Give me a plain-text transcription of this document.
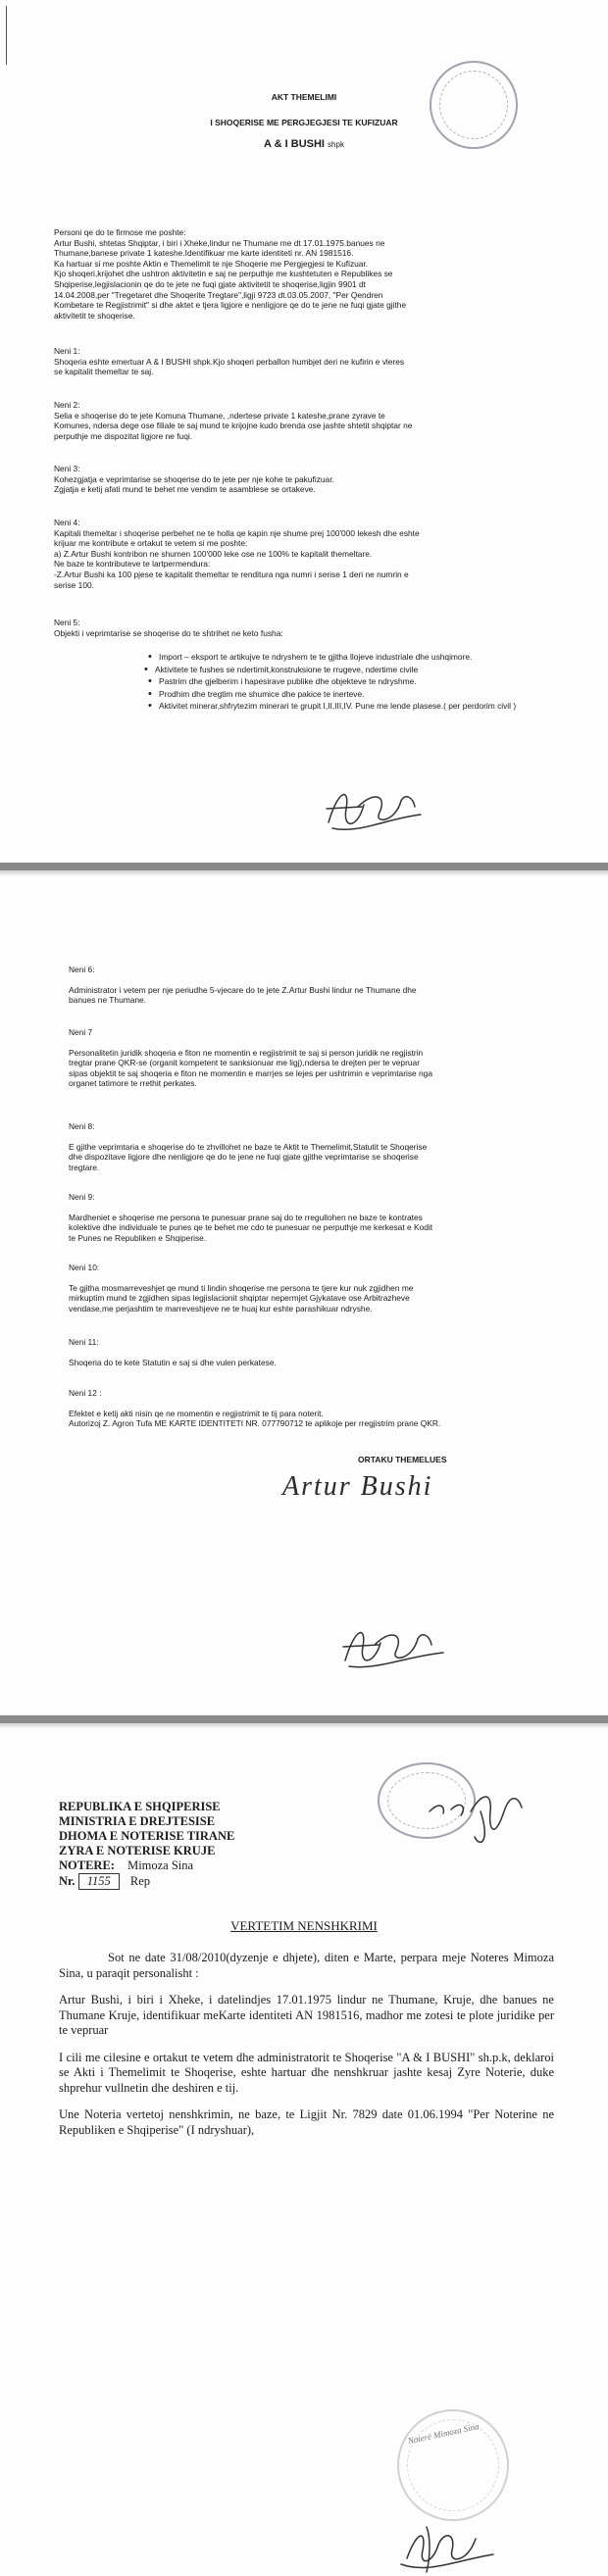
AKT THEMELIMI
I SHOQERISE ME PERGJEGJESI TE KUFIZUAR
A & I BUSHI shpk
Personi qe do te firmose me poshte:
Artur Bushi, shtetas Shqiptar, i biri i Xheke,lindur ne Thumane me dt 17.01.1975.banues ne
Thumane,banese private 1 kateshe.Identifikuar me karte identiteti nr. AN 1981516.
Ka hartuar si me poshte Aktin e Themelimit te nje Shoqerie me Pergjegjesi te Kufizuar.
Kjo shoqeri,krijohet dhe ushtron aktivitetin e saj ne perputhje me kushtetuten e Republikes se
Shqiperise,legjislacionin qe do te jete ne fuqi gjate aktivitetit te shoqerise,ligjin 9901 dt
14.04.2008,per "Tregetaret dhe Shoqerite Tregtare",ligji 9723 dt.03.05.2007, "Per Qendren
Kombetare te Regjistrimit" si dhe aktet e tjera ligjore e nenligjore qe do te jene ne fuqi gjate gjithe
aktivitetit te shoqerise.
Neni 1:
Shoqeria eshte emertuar A & I BUSHI shpk.Kjo shoqeri perballon humbjet deri ne kufirin e vleres
se kapitalit themeltar te saj.
Neni 2:
Selia e shoqerise do te jete Komuna Thumane, ,ndertese private 1 kateshe,prane zyrave te
Komunes, ndersa dege ose filiale te saj mund te krijojne kudo brenda ose jashte shtetit shqiptar ne
perputhje me dispozitat ligjore ne fuqi.
Neni 3:
Kohezgjatja e veprimtarise se shoqerise do te jete per nje kohe te pakufizuar.
Zgjatja e ketij afati mund te behet me vendim te asamblese se ortakeve.
Neni 4:
Kapitali themeltar i shoqerise perbehet ne te holla qe kapin nje shume prej 100'000 lekesh dhe eshte
krijuar me kontribute e ortakut te vetem si me poshte:
a) Z.Artur Bushi kontribon ne shumen 100'000 leke ose ne 100% te kapitalit themeltare.
Ne baze te kontributeve te lartpermendura:
-Z.Artur Bushi ka 100 pjese te kapitalit themeltar te renditura nga numri i serise 1 deri ne numrin e
serise 100.
Neni 5:
Objekti i veprimtarise se shoqerise do te shtrihet ne keto fusha:
• Import – eksport te artikujve te ndryshem te te gjitha llojeve industriale dhe ushqimore.
• Aktivitete te fushes se ndertimit,konstruksione te rrugeve, ndertime civile
• Pastrim dhe gjelberim i hapesirave publike dhe objekteve te ndryshme.
• Prodhim dhe tregtim me shumice dhe pakice te inerteve.
• Aktivitet minerar,shfrytezim minerari te grupit I,II,III,IV. Pune me lende plasese.( per perdorim civil )
Neni 6:
Administrator i vetem per nje periudhe 5-vjecare do te jete Z.Artur Bushi lindur ne Thumane dhe
banues ne Thumane.
Neni 7
Personalitetin juridik shoqeria e fiton ne momentin e regjistrimit te saj si person juridik ne regjistrin
tregtar prane QKR-se (organit kompetent te sanksionuar me ligj),ndersa te drejten per te vepruar
sipas objektit te saj shoqeria e fiton ne momentin e marrjes se lejes per ushtrimin e veprimtarise nga
organet tatimore te rrethit perkates.
Neni 8:
E gjithe veprimtaria e shoqerise do te zhvillohet ne baze te Aktit te Themelimit,Statutit te Shoqerise
dhe dispozitave ligjore dhe nenligjore qe do te jene ne fuqi gjate gjithe veprimtarise se shoqerise
tregtare.
Neni 9:
Mardheniet e shoqerise me persona te punesuar prane saj do te rregullohen ne baze te kontrates
kolektive dhe individuale te punes qe te behet me cdo te punesuar ne perputhje me kerkesat e Kodit
te Punes ne Republiken e Shqiperise.
Neni 10:
Te gjitha mosmarreveshjet qe mund ti lindin shoqerise me persona te tjere kur nuk zgjidhen me
mirkuptim mund te zgjidhen sipas legjislacionit shqiptar nepermjet Gjykatave ose Arbitrazheve
vendase,me perjashtim te marreveshjeve ne te huaj kur eshte parashikuar ndryshe.
Neni 11:
Shoqeria do te kete Statutin e saj si dhe vulen perkatese.
Neni 12 :
Efektet e ketij akti nisin qe ne momentin e regjistrimit te tij para noterit.
Autorizoj Z. Agron Tufa ME KARTE IDENTITETI NR. 077790712 te aplikoje per rregjistrim prane QKR.
ORTAKU THEMELUES
Artur Bushi
REPUBLIKA E SHQIPERISE
MINISTRIA E DREJTESISE
DHOMA E NOTERISE TIRANE
ZYRA E NOTERISE KRUJE
NOTERE: Mimoza Sina
Nr. 1155 Rep
VERTETIM NENSHKRIMI

Sot ne date 31/08/2010(dyzenje e dhjete), diten e Marte, perpara meje Noteres Mimoza Sina, u paraqit personalisht :

Artur Bushi, i biri i Xheke, i datelindjes 17.01.1975 lindur ne Thumane, Kruje, dhe banues ne Thumane Kruje, identifikuar meKarte identiteti AN 1981516, madhor me zotesi te plote juridike per te vepruar

I cili me cilesine e ortakut te vetem dhe administratorit te Shoqerise "A & I BUSHI" sh.p.k, deklaroi se Akti i Themelimit te Shoqerise, eshte hartuar dhe nenshkruar jashte kesaj Zyre Noterie, duke shprehur vullnetin dhe deshiren e tij.

Une Noteria vertetoj nenshkrimin, ne baze, te Ligjit Nr. 7829 date 01.06.1994 "Per Noterine ne Republiken e Shqiperise" (I ndryshuar),

Noterë Mimoza Sina
